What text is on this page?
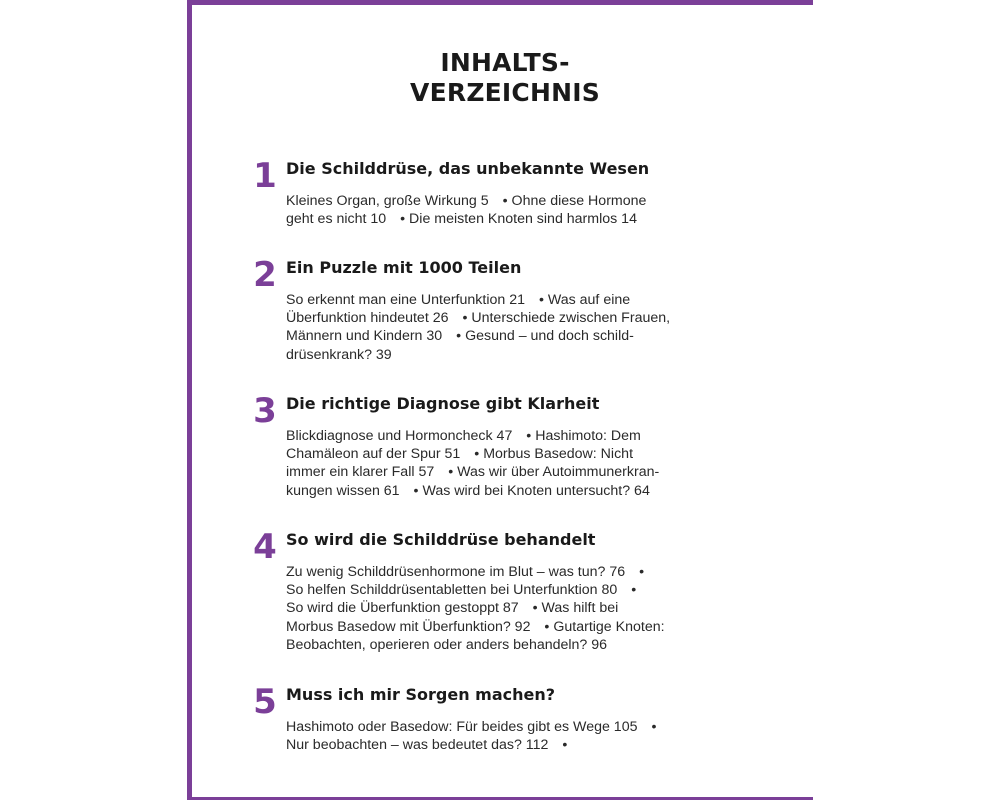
INHALTS-
VERZEICHNIS
1 Die Schilddrüse, das unbekannte Wesen
Kleines Organ, große Wirkung 5 • Ohne diese Hormone
geht es nicht 10 • Die meisten Knoten sind harmlos 14
2 Ein Puzzle mit 1000 Teilen
So erkennt man eine Unterfunktion 21 • Was auf eine
Überfunktion hindeutet 26 • Unterschiede zwischen Frauen,
Männern und Kindern 30 • Gesund – und doch schild-
drüsenkrank? 39
3 Die richtige Diagnose gibt Klarheit
Blickdiagnose und Hormoncheck 47 • Hashimoto: Dem
Chamäleon auf der Spur 51 • Morbus Basedow: Nicht
immer ein klarer Fall 57 • Was wir über Autoimmunerkran-
kungen wissen 61 • Was wird bei Knoten untersucht? 64
4 So wird die Schilddrüse behandelt
Zu wenig Schilddrüsenhormone im Blut – was tun? 76 •
So helfen Schilddrüsentabletten bei Unterfunktion 80 •
So wird die Überfunktion gestoppt 87 • Was hilft bei
Morbus Basedow mit Überfunktion? 92 • Gutartige Knoten:
Beobachten, operieren oder anders behandeln? 96
5 Muss ich mir Sorgen machen?
Hashimoto oder Basedow: Für beides gibt es Wege 105 •
Nur beobachten – was bedeutet das? 112 •
